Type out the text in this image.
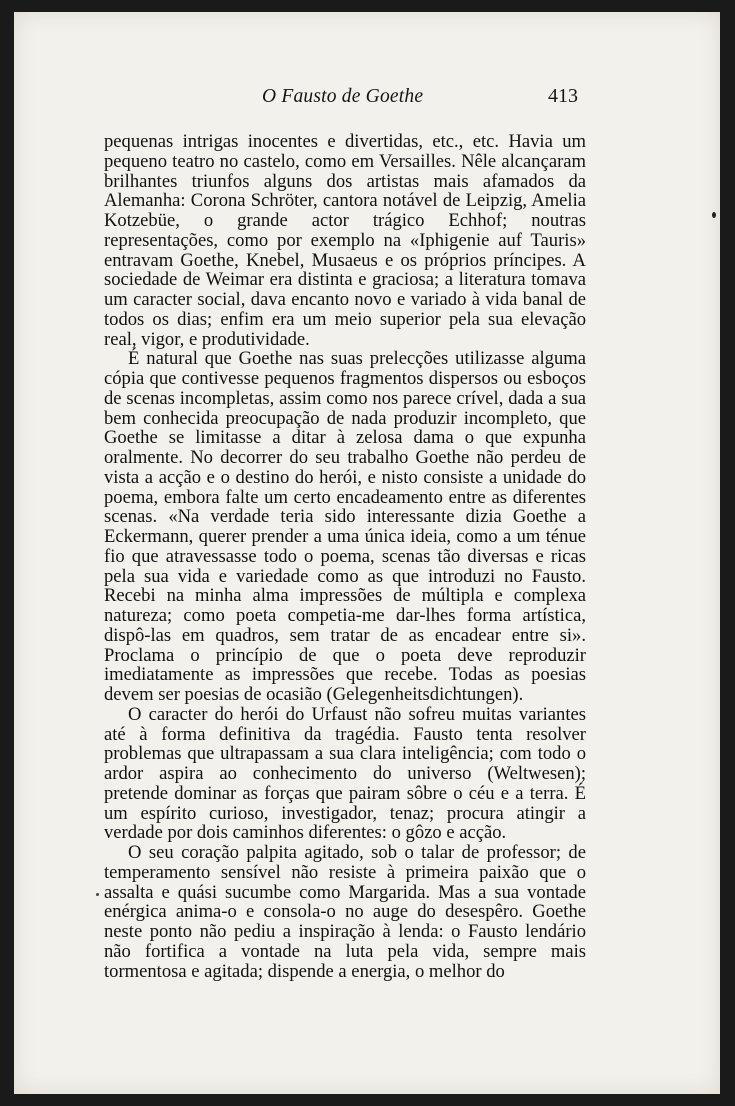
O Fausto de Goethe	413

pequenas intrigas inocentes e divertidas, etc., etc. Havia um pequeno teatro no castelo, como em Versailles. Nêle alcançaram brilhantes triunfos alguns dos artistas mais afamados da Alemanha: Corona Schröter, cantora notável de Leipzig, Amelia Kotzebüe, o grande actor trágico Echhof; noutras representações, como por exemplo na «Iphigenie auf Tauris» entravam Goethe, Knebel, Musaeus e os próprios príncipes. A sociedade de Weimar era distinta e graciosa; a literatura tomava um caracter social, dava encanto novo e variado à vida banal de todos os dias; enfim era um meio superior pela sua elevação real, vigor, e produtividade.

É natural que Goethe nas suas prelecções utilizasse alguma cópia que contivesse pequenos fragmentos dispersos ou esboços de scenas incompletas, assim como nos parece crível, dada a sua bem conhecida preocupação de nada produzir incompleto, que Goethe se limitasse a ditar à zelosa dama o que expunha oralmente. No decorrer do seu trabalho Goethe não perdeu de vista a acção e o destino do herói, e nisto consiste a unidade do poema, embora falte um certo encadeamento entre as diferentes scenas. «Na verdade teria sido interessante dizia Goethe a Eckermann, querer prender a uma única ideia, como a um ténue fio que atravessasse todo o poema, scenas tão diversas e ricas pela sua vida e variedade como as que introduzi no Fausto. Recebi na minha alma impressões de múltipla e complexa natureza; como poeta competia-me dar-lhes forma artística, dispô-las em quadros, sem tratar de as encadear entre si». Proclama o princípio de que o poeta deve reproduzir imediatamente as impressões que recebe. Todas as poesias devem ser poesias de ocasião (Gelegenheitsdichtungen).

O caracter do herói do Urfaust não sofreu muitas variantes até à forma definitiva da tragédia. Fausto tenta resolver problemas que ultrapassam a sua clara inteligência; com todo o ardor aspira ao conhecimento do universo (Weltwesen); pretende dominar as forças que pairam sôbre o céu e a terra. É um espírito curioso, investigador, tenaz; procura atingir a verdade por dois caminhos diferentes: o gôzo e acção.

O seu coração palpita agitado, sob o talar de professor; de temperamento sensível não resiste à primeira paixão que o assalta e quási sucumbe como Margarida. Mas a sua vontade enérgica anima-o e consola-o no auge do desespêro. Goethe neste ponto não pediu a inspiração à lenda: o Fausto lendário não fortifica a vontade na luta pela vida, sempre mais tormentosa e agitada; dispende a energia, o melhor do
